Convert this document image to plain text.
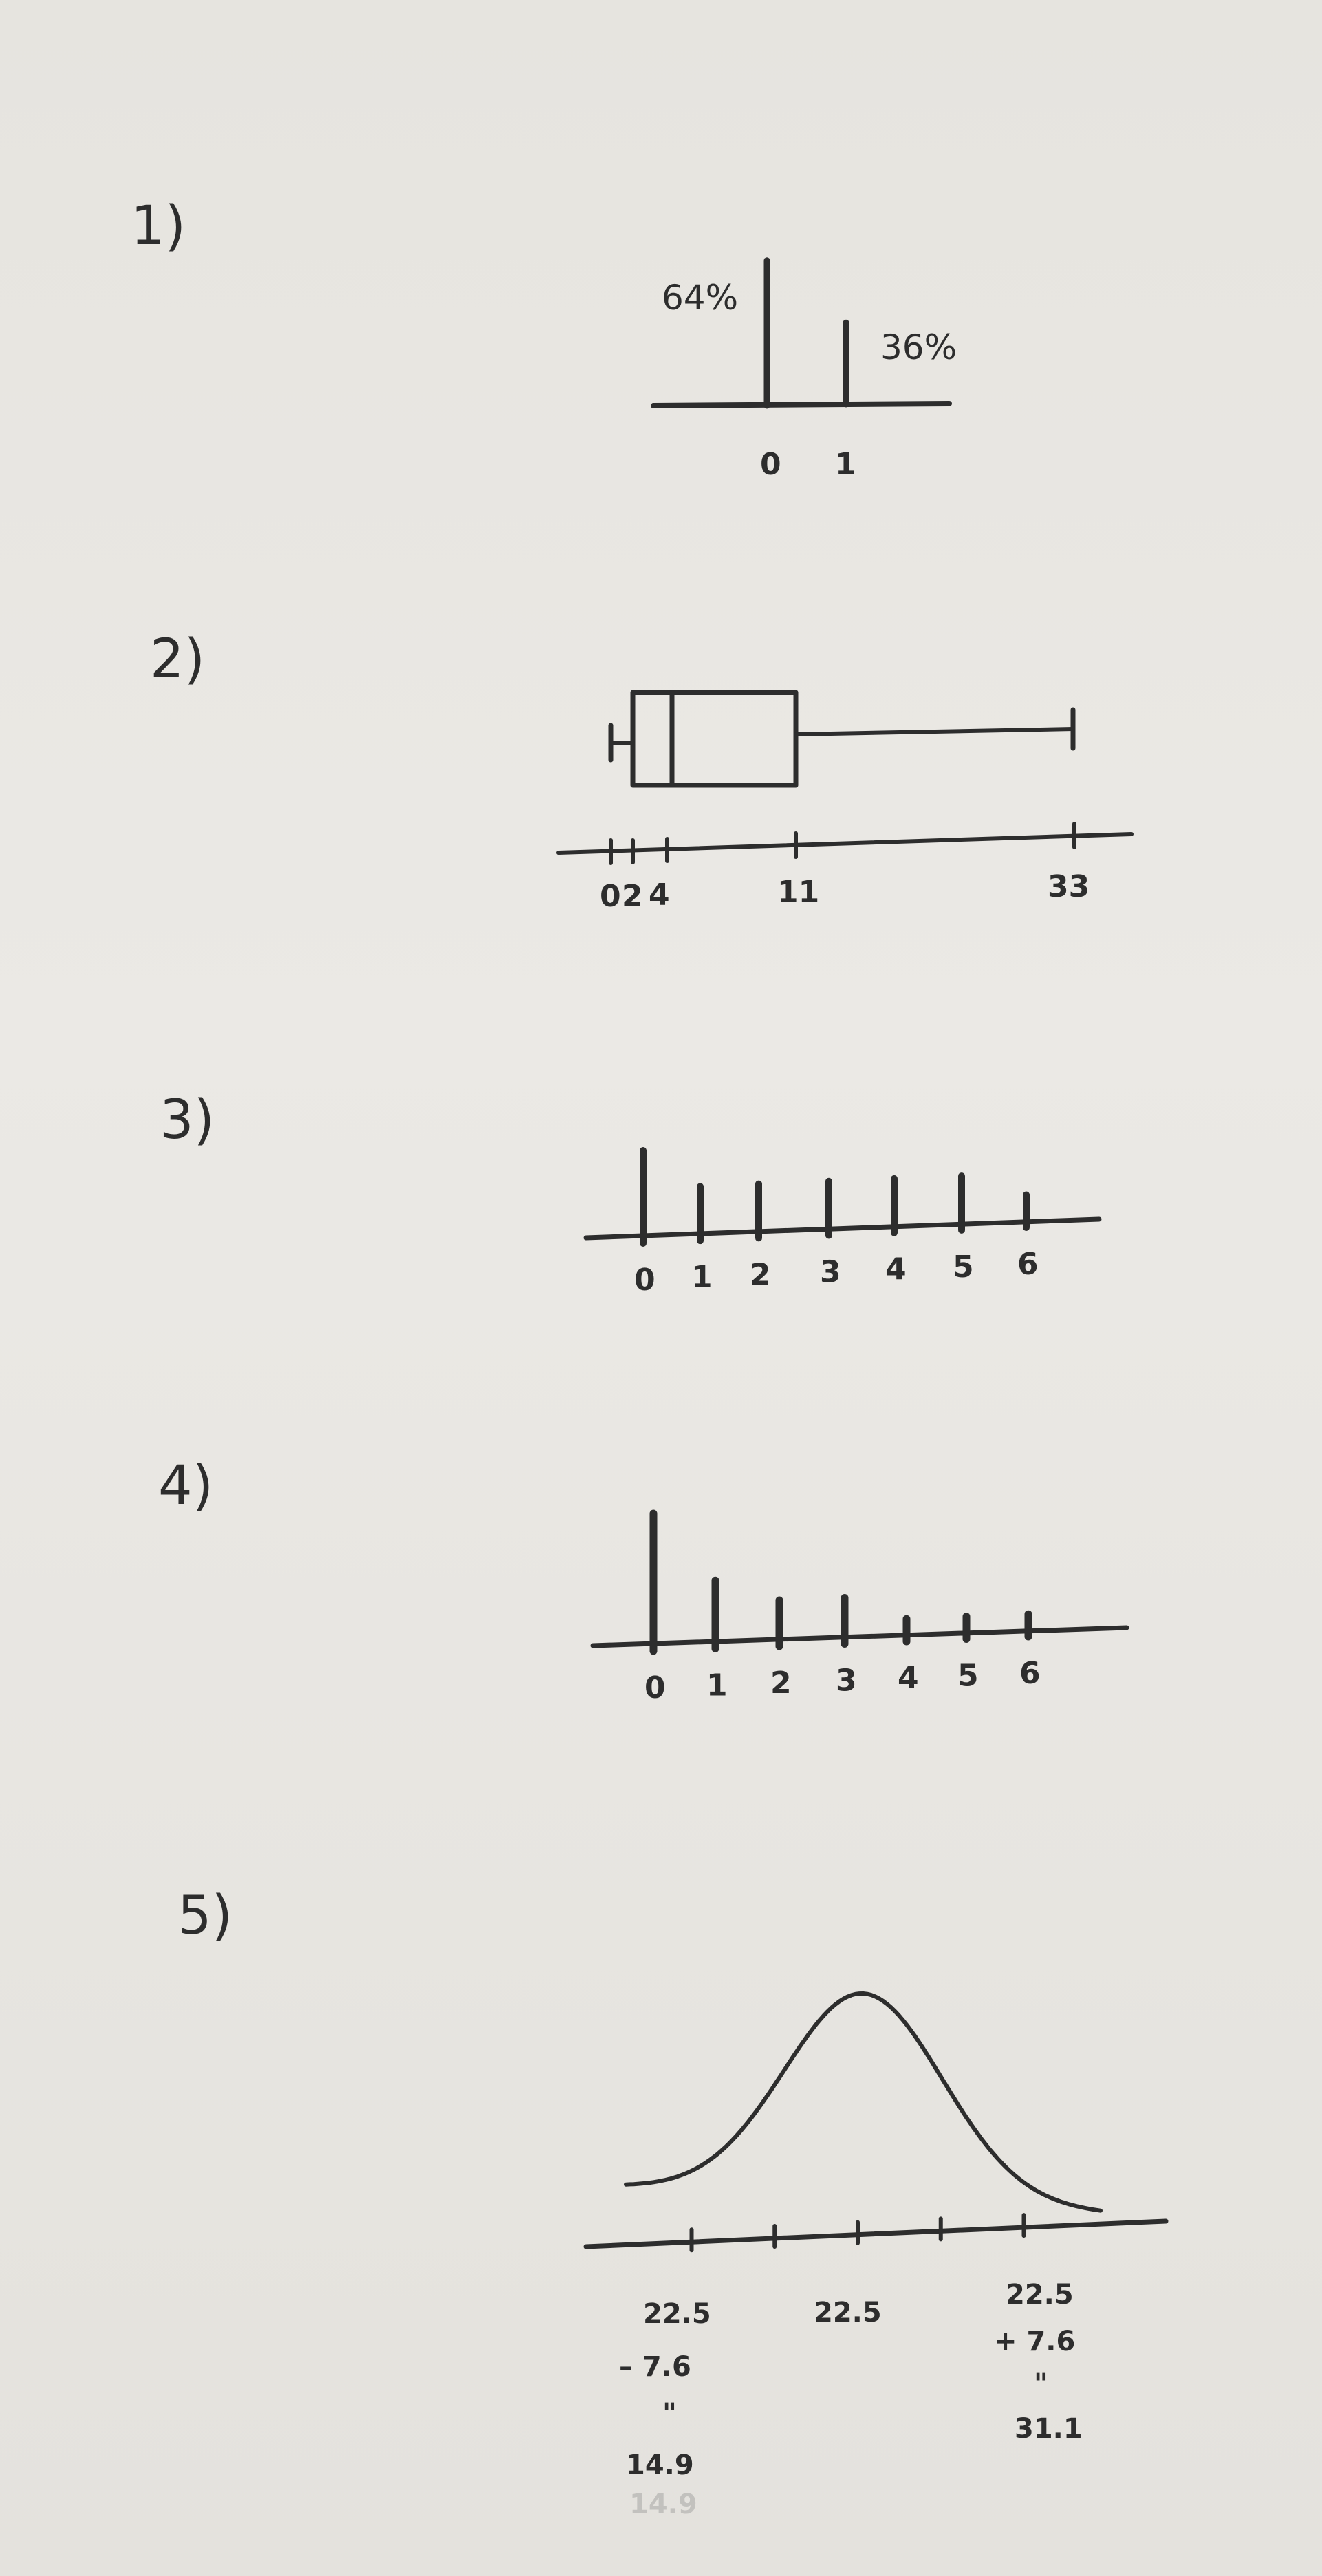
1)
64%
36%
0 1
2)
0 2 4	11	33
3)
0 1 2 3 4 5 6
4)
0 1 2 3 4 5 6
5)
22.5
– 7.6
"
14.9
14.9
22.5
22.5
+ 7.6
"
31.1
